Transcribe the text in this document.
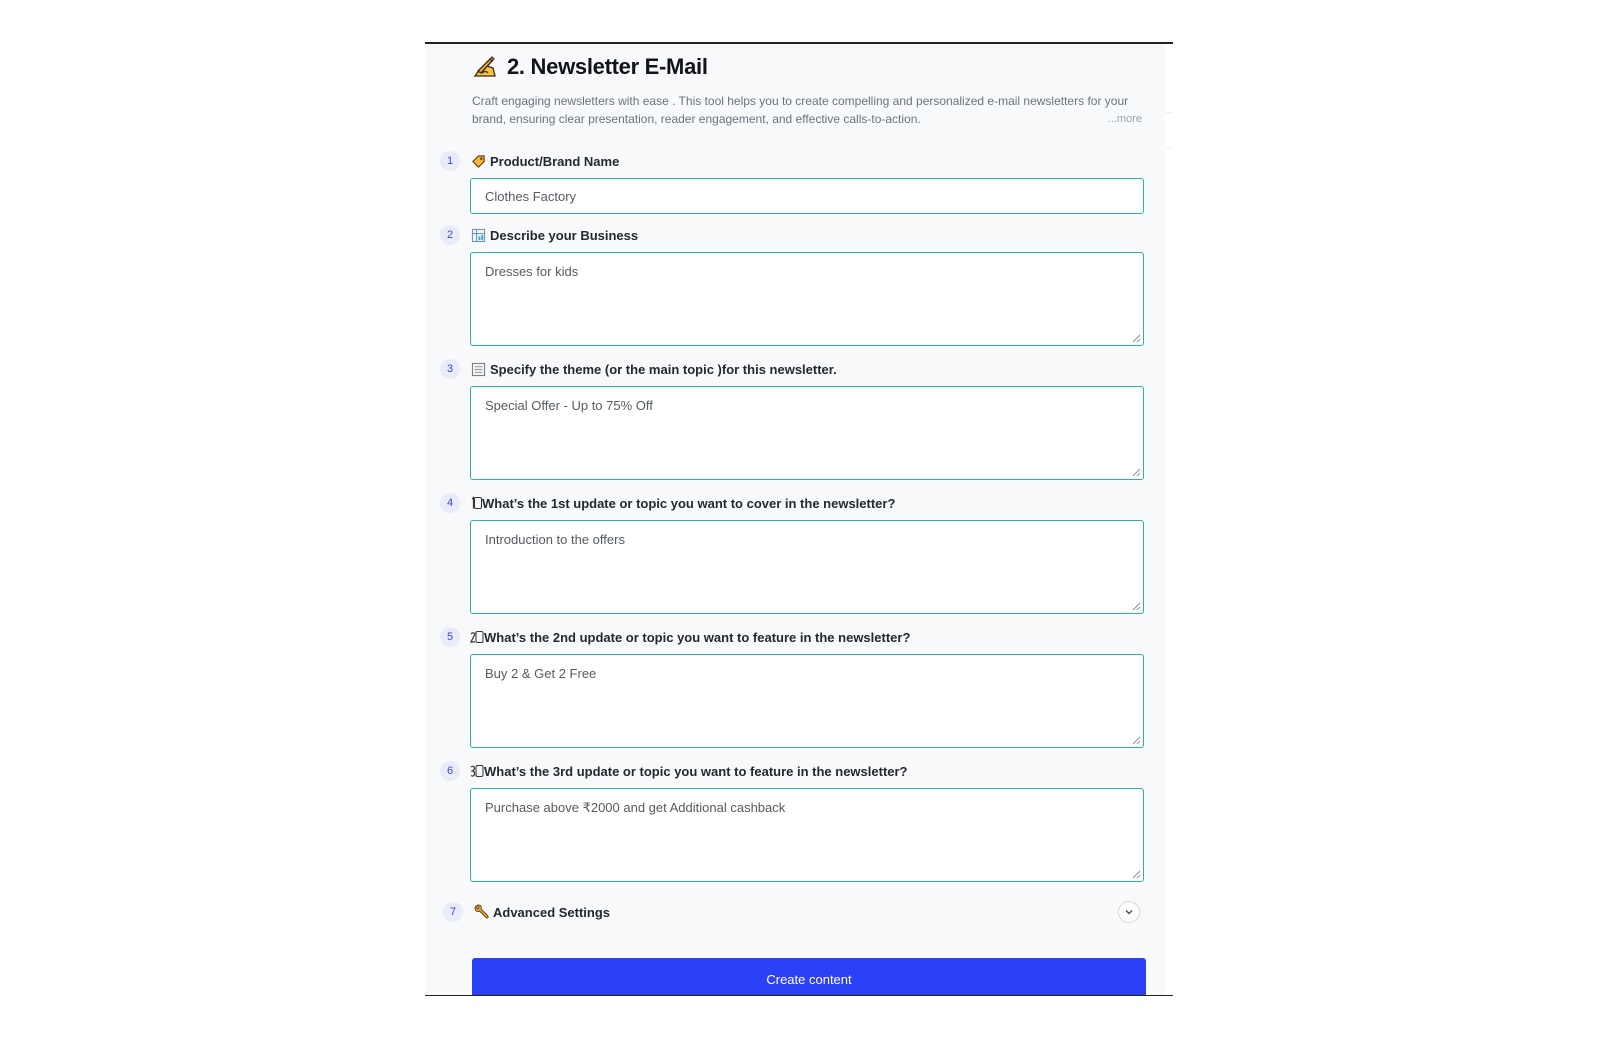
2. Newsletter E-Mail
Craft engaging newsletters with ease . This tool helps you to create compelling and personalized e-mail newsletters for your brand, ensuring clear presentation, reader engagement, and effective calls-to-action.	...more
1	Product/Brand Name
Clothes Factory
2	Describe your Business
Dresses for kids
3	Specify the theme (or the main topic )for this newsletter.
Special Offer - Up to 75% Off
4	What’s the 1st update or topic you want to cover in the newsletter?
Introduction to the offers
5	What’s the 2nd update or topic you want to feature in the newsletter?
Buy 2 & Get 2 Free
6	What’s the 3rd update or topic you want to feature in the newsletter?
Purchase above ₹2000 and get Additional cashback
7	Advanced Settings
Create content
